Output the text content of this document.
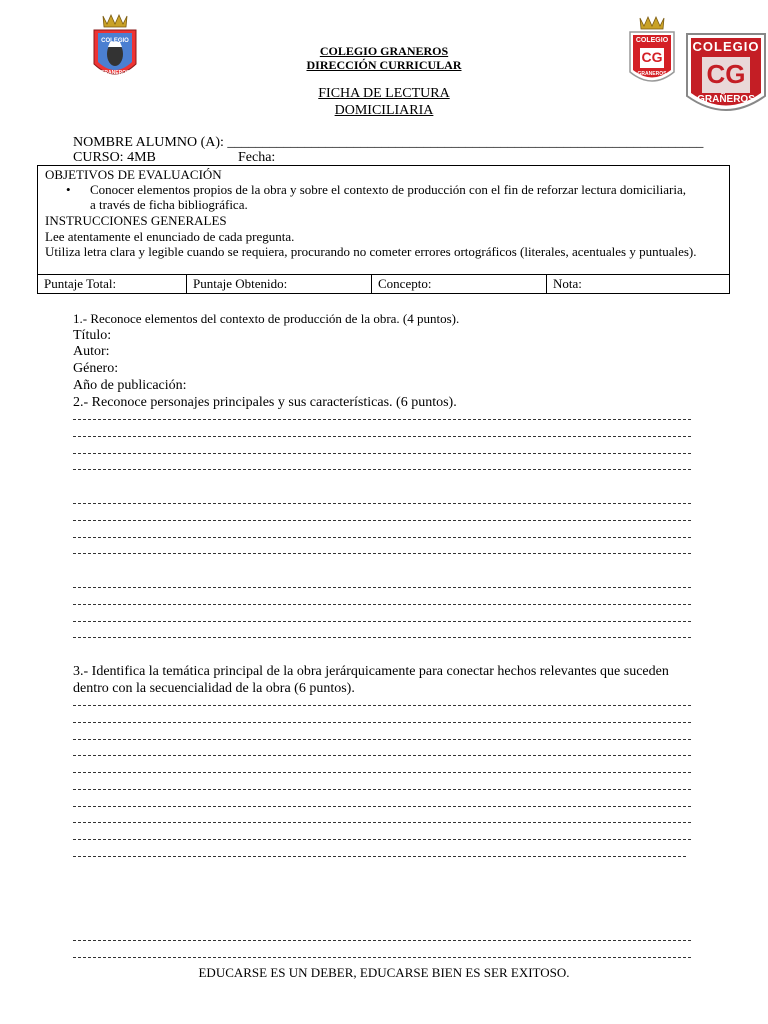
COLEGIO
GRANEROS
COLEGIO
CG
GRANEROS
COLEGIO
CG
GRAÑEROS
COLEGIO GRANEROS
DIRECCIÓN CURRICULAR
FICHA DE LECTURA
DOMICILIARIA
NOMBRE ALUMNO (A): ____________________________________________________________________
CURSO: 4MB	Fecha:
OBJETIVOS DE EVALUACIÓN
• Conocer elementos propios de la obra y sobre el contexto de producción con el fin de reforzar lectura domiciliaria, a través de ficha bibliográfica.
INSTRUCCIONES GENERALES
Lee atentamente el enunciado de cada pregunta.
Utiliza letra clara y legible cuando se requiera, procurando no cometer errores ortográficos (literales, acentuales y puntuales).
Puntaje Total:	Puntaje Obtenido:	Concepto:	Nota:
1.- Reconoce elementos del contexto de producción de la obra. (4 puntos).
Título:
Autor:
Género:
Año de publicación:
2.- Reconoce personajes principales y sus características. (6 puntos).
3.- Identifica la temática principal de la obra jerárquicamente para conectar hechos relevantes que suceden dentro con la secuencialidad de la obra (6 puntos).
EDUCARSE ES UN DEBER, EDUCARSE BIEN ES SER EXITOSO.
